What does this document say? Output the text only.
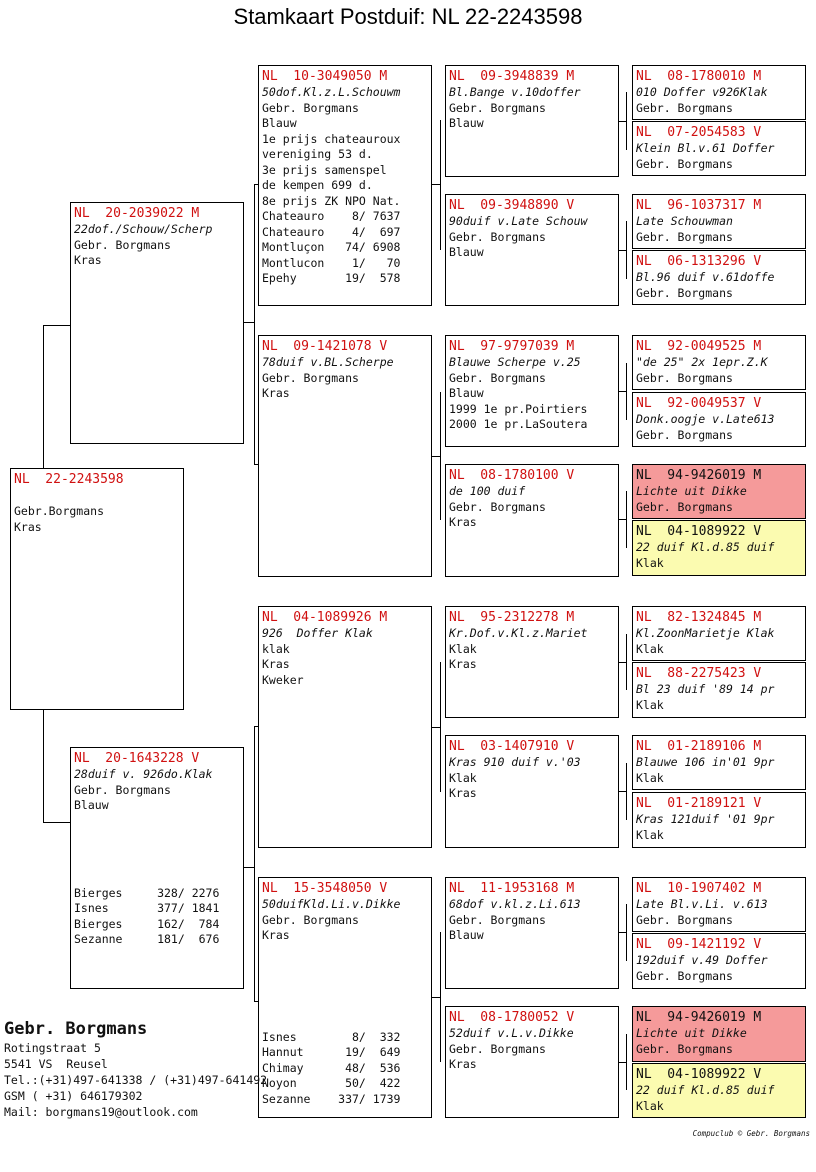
Stamkaart Postduif: NL 22-2243598
NL  22-2243598
Gebr.Borgmans
Kras
NL  20-2039022 M
22dof./Schouw/Scherp
Gebr. Borgmans
Kras
NL  20-1643228 V
28duif v. 926do.Klak
Gebr. Borgmans
Blauw
Bierges     328/ 2276
Isnes       377/ 1841
Bierges     162/  784
Sezanne     181/  676
NL  10-3049050 M
50dof.Kl.z.L.Schouwm
Gebr. Borgmans
Blauw
1e prijs chateauroux
vereniging 53 d.
3e prijs samenspel
de kempen 699 d.
8e prijs ZK NPO Nat.
Chateauro    8/ 7637
Chateauro    4/  697
Montluçon   74/ 6908
Montlucon    1/   70
Epehy       19/  578
NL  09-1421078 V
78duif v.BL.Scherpe
Gebr. Borgmans
Kras
NL  04-1089926 M
926  Doffer Klak
klak
Kras
Kweker
NL  15-3548050 V
50duifKld.Li.v.Dikke
Gebr. Borgmans
Kras
Isnes        8/  332
Hannut      19/  649
Chimay      48/  536
Noyon       50/  422
Sezanne    337/ 1739
NL  09-3948839 M
Bl.Bange v.10doffer
Gebr. Borgmans
Blauw
NL  09-3948890 V
90duif v.Late Schouw
Gebr. Borgmans
Blauw
NL  97-9797039 M
Blauwe Scherpe v.25
Gebr. Borgmans
Blauw
1999 1e pr.Poirtiers
2000 1e pr.LaSoutera
NL  08-1780100 V
de 100 duif
Gebr. Borgmans
Kras
NL  95-2312278 M
Kr.Dof.v.Kl.z.Mariet
Klak
Kras
NL  03-1407910 V
Kras 910 duif v.'03
Klak
Kras
NL  11-1953168 M
68dof v.kl.z.Li.613
Gebr. Borgmans
Blauw
NL  08-1780052 V
52duif v.L.v.Dikke
Gebr. Borgmans
Kras
NL  08-1780010 M
010 Doffer v926Klak
Gebr. Borgmans
NL  07-2054583 V
Klein Bl.v.61 Doffer
Gebr. Borgmans
NL  96-1037317 M
Late Schouwman
Gebr. Borgmans
NL  06-1313296 V
Bl.96 duif v.61doffe
Gebr. Borgmans
NL  92-0049525 M
"de 25" 2x 1epr.Z.K
Gebr. Borgmans
NL  92-0049537 V
Donk.oogje v.Late613
Gebr. Borgmans
NL  94-9426019 M
Lichte uit Dikke
Gebr. Borgmans
NL  04-1089922 V
22 duif Kl.d.85 duif
Klak
NL  82-1324845 M
Kl.ZoonMarietje Klak
Klak
NL  88-2275423 V
Bl 23 duif '89 14 pr
Klak
NL  01-2189106 M
Blauwe 106 in'01 9pr
Klak
NL  01-2189121 V
Kras 121duif '01 9pr
Klak
NL  10-1907402 M
Late Bl.v.Li. v.613
Gebr. Borgmans
NL  09-1421192 V
192duif v.49 Doffer
Gebr. Borgmans
NL  94-9426019 M
Lichte uit Dikke
Gebr. Borgmans
NL  04-1089922 V
22 duif Kl.d.85 duif
Klak
Gebr. Borgmans
Rotingstraat 5
5541 VS  Reusel
Tel.:(+31)497-641338 / (+31)497-641492
GSM ( +31) 646179302
Mail: borgmans19@outlook.com
Compuclub © Gebr. Borgmans
